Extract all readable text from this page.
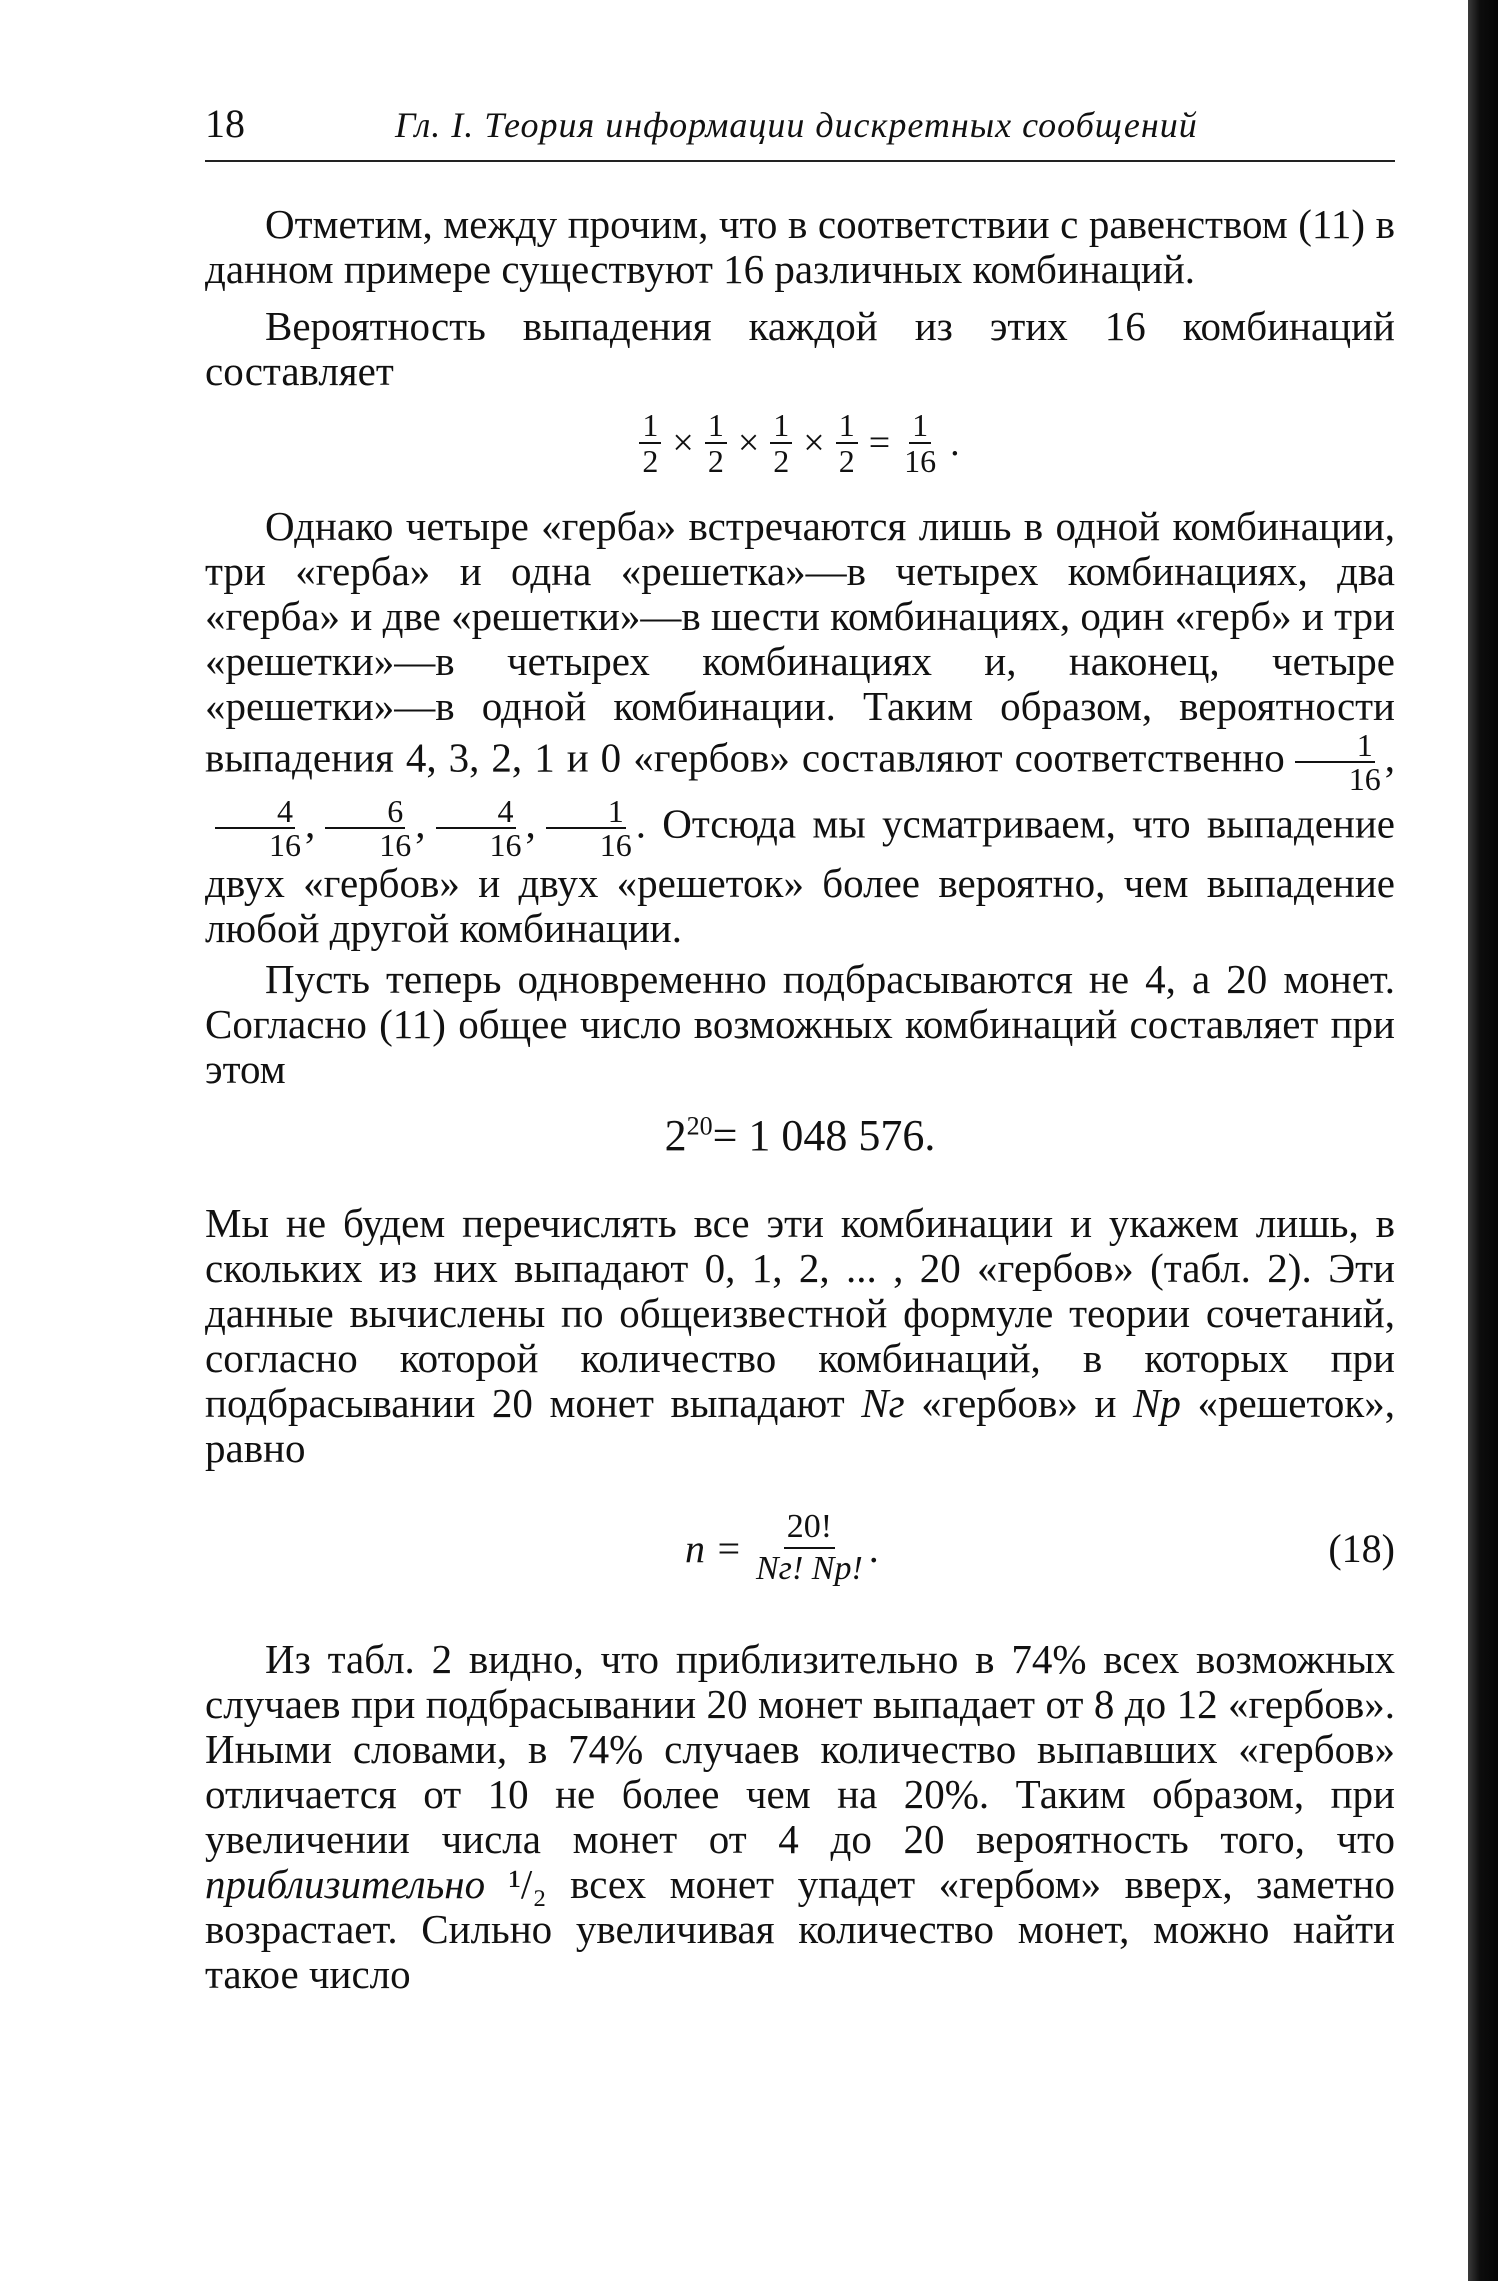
18	Гл. I. Теория информации дискретных сообщений

Отметим, между прочим, что в соответствии с равенством (11) в данном примере существуют 16 различных комбинаций.

Вероятность выпадения каждой из этих 16 комбинаций составляет

$\frac{1}{2} \times \frac{1}{2} \times \frac{1}{2} \times \frac{1}{2} = \frac{1}{16}$ .

Однако четыре «герба» встречаются лишь в одной комбинации, три «герба» и одна «решетка»—в четырех комбинациях, два «герба» и две «решетки»—в шести комбинациях, один «герб» и три «решетки»—в четырех комбинациях и, наконец, четыре «решетки»—в одной комбинации. Таким образом, вероятности выпадения 4, 3, 2, 1 и 0 «гербов» составляют соответственно $\frac{1}{16}$ ,
$\frac{4}{16}$ , $\frac{6}{16}$ , $\frac{4}{16}$ , $\frac{1}{16}$ . Отсюда мы усматриваем, что выпадение двух «гербов» и двух «решеток» более вероятно, чем выпадение любой другой комбинации.

Пусть теперь одновременно подбрасываются не 4, а 20 монет. Согласно (11) общее число возможных комбинаций составляет при этом

$2^{20}= 1$ 048 576.

Мы не будем перечислять все эти комбинации и укажем лишь, в скольких из них выпадают 0, 1, 2, ... , 20 «гербов» (табл. 2). Эти данные вычислены по общеизвестной формуле теории сочетаний, согласно которой количество комбинаций, в которых при подбрасывании 20 монет выпадают Nг «гербов» и Nр «решеток», равно

$n = \frac{20!}{Nг! Nр!}$ .	(18)

Из табл. 2 видно, что приблизительно в 74% всех возможных случаев при подбрасывании 20 монет выпадает от 8 до 12 «гербов». Иными словами, в 74% случаев количество выпавших «гербов» отличается от 10 не более чем на 20%. Таким образом, при увеличении числа монет от 4 до 20 вероятность того, что приблизительно ¹/₂ всех монет упадет «гербом» вверх, заметно возрастает. Сильно увеличивая количество монет, можно найти такое число
